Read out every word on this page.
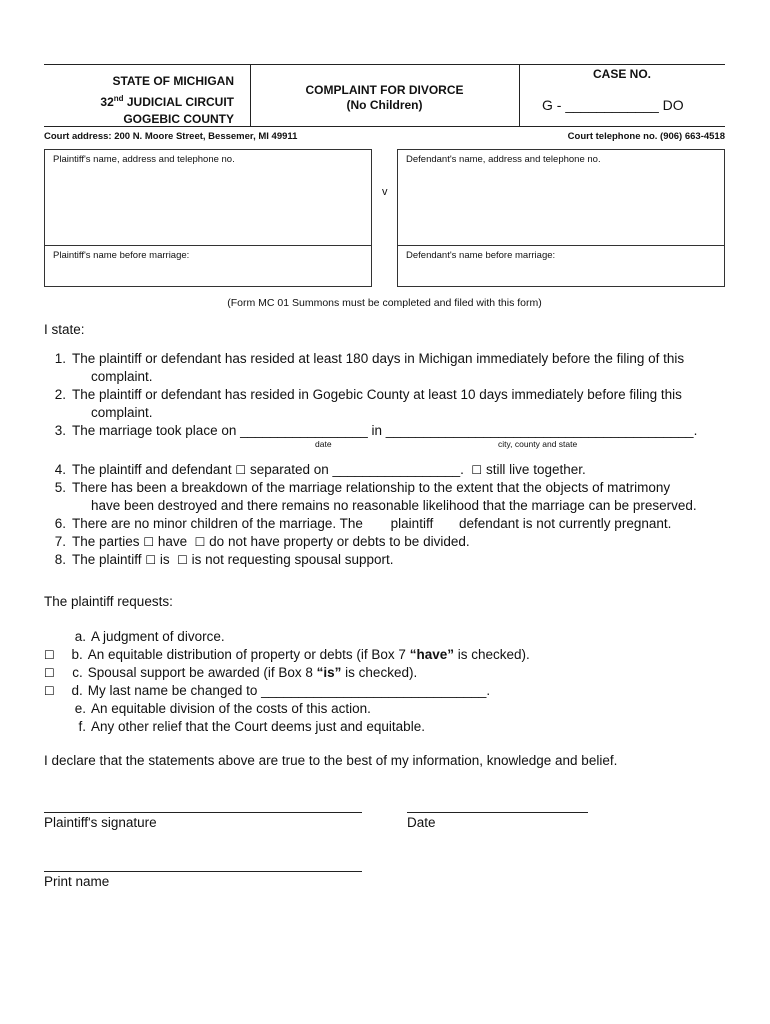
STATE OF MICHIGAN
32nd JUDICIAL CIRCUIT
GOGEBIC COUNTY
COMPLAINT FOR DIVORCE
(No Children)
CASE NO.
G - ____________ DO
Court address: 200 N. Moore Street, Bessemer, MI 49911	Court telephone no. (906) 663-4518
Plaintiff's name, address and telephone no.
Plaintiff's name before marriage:
v
Defendant's name, address and telephone no.
Defendant's name before marriage:
(Form MC 01 Summons must be completed and filed with this form)
I state:
1. The plaintiff or defendant has resided at least 180 days in Michigan immediately before the filing of this
complaint.
2. The plaintiff or defendant has resided in Gogebic County at least 10 days immediately before filing this
complaint.
3. The marriage took place on _________________ in _________________________________________.
date	city, county and state
4. The plaintiff and defendant ☐ separated on _________________. ☐ still live together.
5. There has been a breakdown of the marriage relationship to the extent that the objects of matrimony
have been destroyed and there remains no reasonable likelihood that the marriage can be preserved.
6. There are no minor children of the marriage. The plaintiff defendant is not currently pregnant.
7. The parties ☐ have ☐ do not have property or debts to be divided.
8. The plaintiff ☐ is ☐ is not requesting spousal support.
The plaintiff requests:
a. A judgment of divorce.
☐ b. An equitable distribution of property or debts (if Box 7 “have” is checked).
☐ c. Spousal support be awarded (if Box 8 “is” is checked).
☐ d. My last name be changed to ______________________________.
e. An equitable division of the costs of this action.
f. Any other relief that the Court deems just and equitable.
I declare that the statements above are true to the best of my information, knowledge and belief.
Plaintiff's signature	Date
Print name
